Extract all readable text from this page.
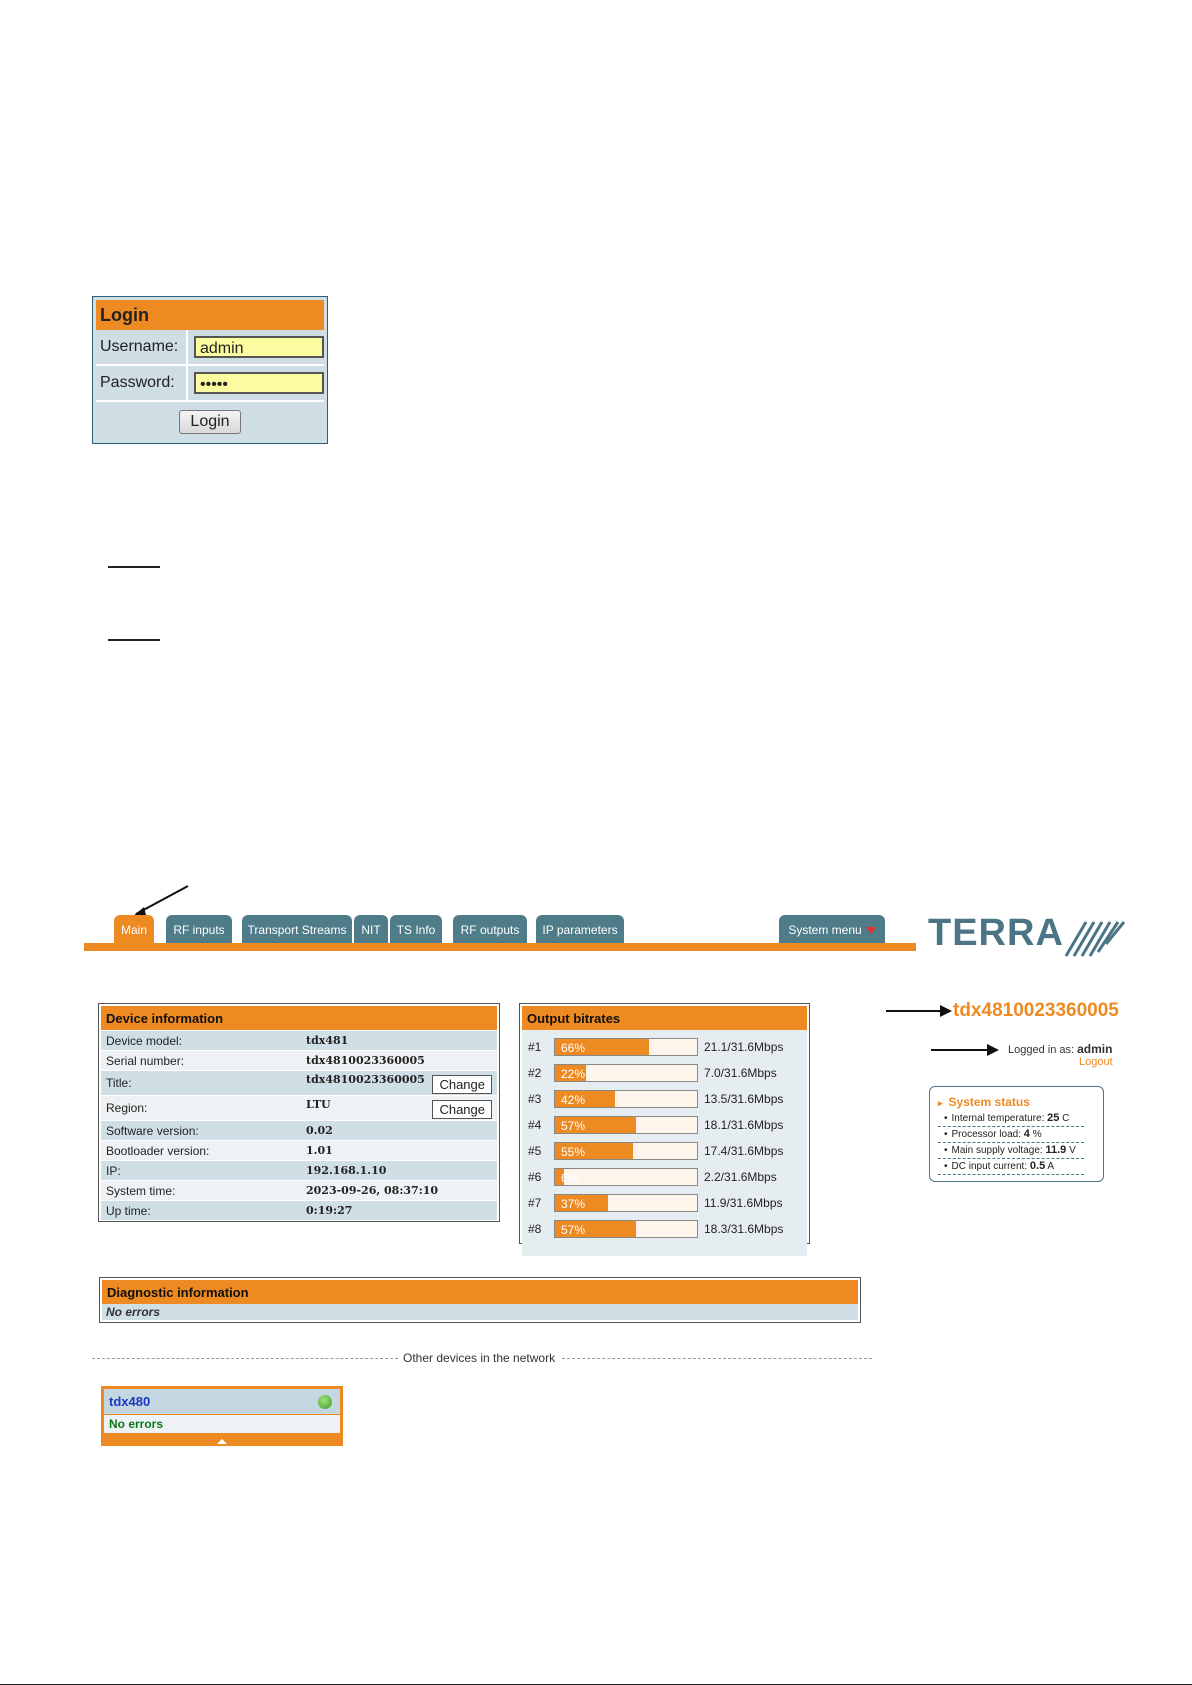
Login
Username:	admin
Password:	•••••
Login
Main	RF inputs	Transport Streams	NIT	TS Info	RF outputs	IP parameters	System menu	TERRA
Device information
Device model:	tdx481
Serial number:	tdx4810023360005
Title:	tdx4810023360005 Change

Region:	LTU Change

Software version:	0.02
Bootloader version:	1.01
IP:	192.168.1.10
System time:	2023-09-26, 08:37:10
Up time:	0:19:27
Output bitrates
#1	66%	21.1/31.6Mbps
#2	22%	7.0/31.6Mbps
#3	42%	13.5/31.6Mbps
#4	57%	18.1/31.6Mbps
#5	55%	17.4/31.6Mbps
#6	6%	2.2/31.6Mbps
#7	37%	11.9/31.6Mbps
#8	57%	18.3/31.6Mbps
Diagnostic information
No errors
tdx4810023360005
Logged in as: admin
Logout
▸ System status
• Internal temperature: 25 C
• Processor load: 4 %
• Main supply voltage: 11.9 V
• DC input current: 0.5 A
Other devices in the network
tdx480
No errors
